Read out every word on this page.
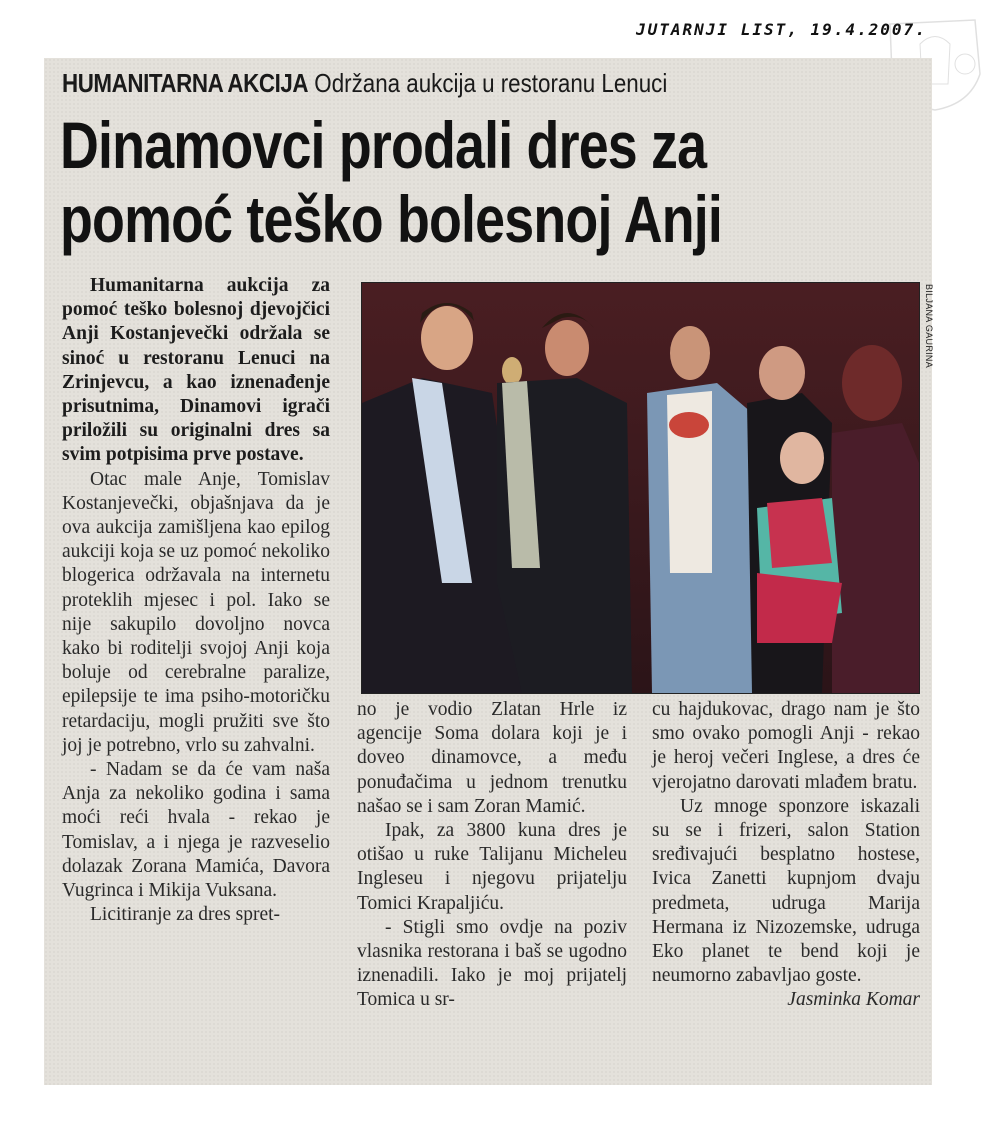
JUTARNJI LIST, 19.4.2007.
HUMANITARNA AKCIJA Održana aukcija u restoranu Lenuci
Dinamovci prodali dres za
pomoć teško bolesnoj Anji

Humanitarna aukcija za pomoć teško bolesnoj djevojčici Anji Kostanjevečki održala se sinoć u restoranu Lenuci na Zrinjevcu, a kao iznenađenje prisutnima, Dinamovi igrači priložili su originalni dres sa svim potpisima prve postave.

Otac male Anje, Tomislav Kostanjevečki, objašnjava da je ova aukcija zamišljena kao epilog aukciji koja se uz pomoć nekoliko blogerica održavala na internetu proteklih mjesec i pol. Iako se nije sakupilo dovoljno novca kako bi roditelji svojoj Anji koja boluje od cerebralne paralize, epilepsije te ima psiho-motoričku retardaciju, mogli pružiti sve što joj je potrebno, vrlo su zahvalni.

- Nadam se da će vam naša Anja za nekoliko godina i sama moći reći hvala - rekao je Tomislav, a i njega je razveselio dolazak Zorana Mamića, Davora Vugrinca i Mikija Vuksana.

Licitiranje za dres spret-

BILJANA GAURINA

no je vodio Zlatan Hrle iz agencije Soma dolara koji je i doveo dinamovce, a među ponuđačima u jednom trenutku našao se i sam Zoran Mamić.

Ipak, za 3800 kuna dres je otišao u ruke Talijanu Micheleu Ingleseu i njegovu prijatelju Tomici Krapaljiću.

- Stigli smo ovdje na poziv vlasnika restorana i baš se ugodno iznenadili. Iako je moj prijatelj Tomica u sr-

cu hajdukovac, drago nam je što smo ovako pomogli Anji - rekao je heroj večeri Inglese, a dres će vjerojatno darovati mlađem bratu.

Uz mnoge sponzore iskazali su se i frizeri, salon Station sređivajući besplatno hostese, Ivica Zanetti kupnjom dvaju predmeta, udruga Marija Hermana iz Nizozemske, udruga Eko planet te bend koji je neumorno zabavljao goste.

Jasminka Komar
